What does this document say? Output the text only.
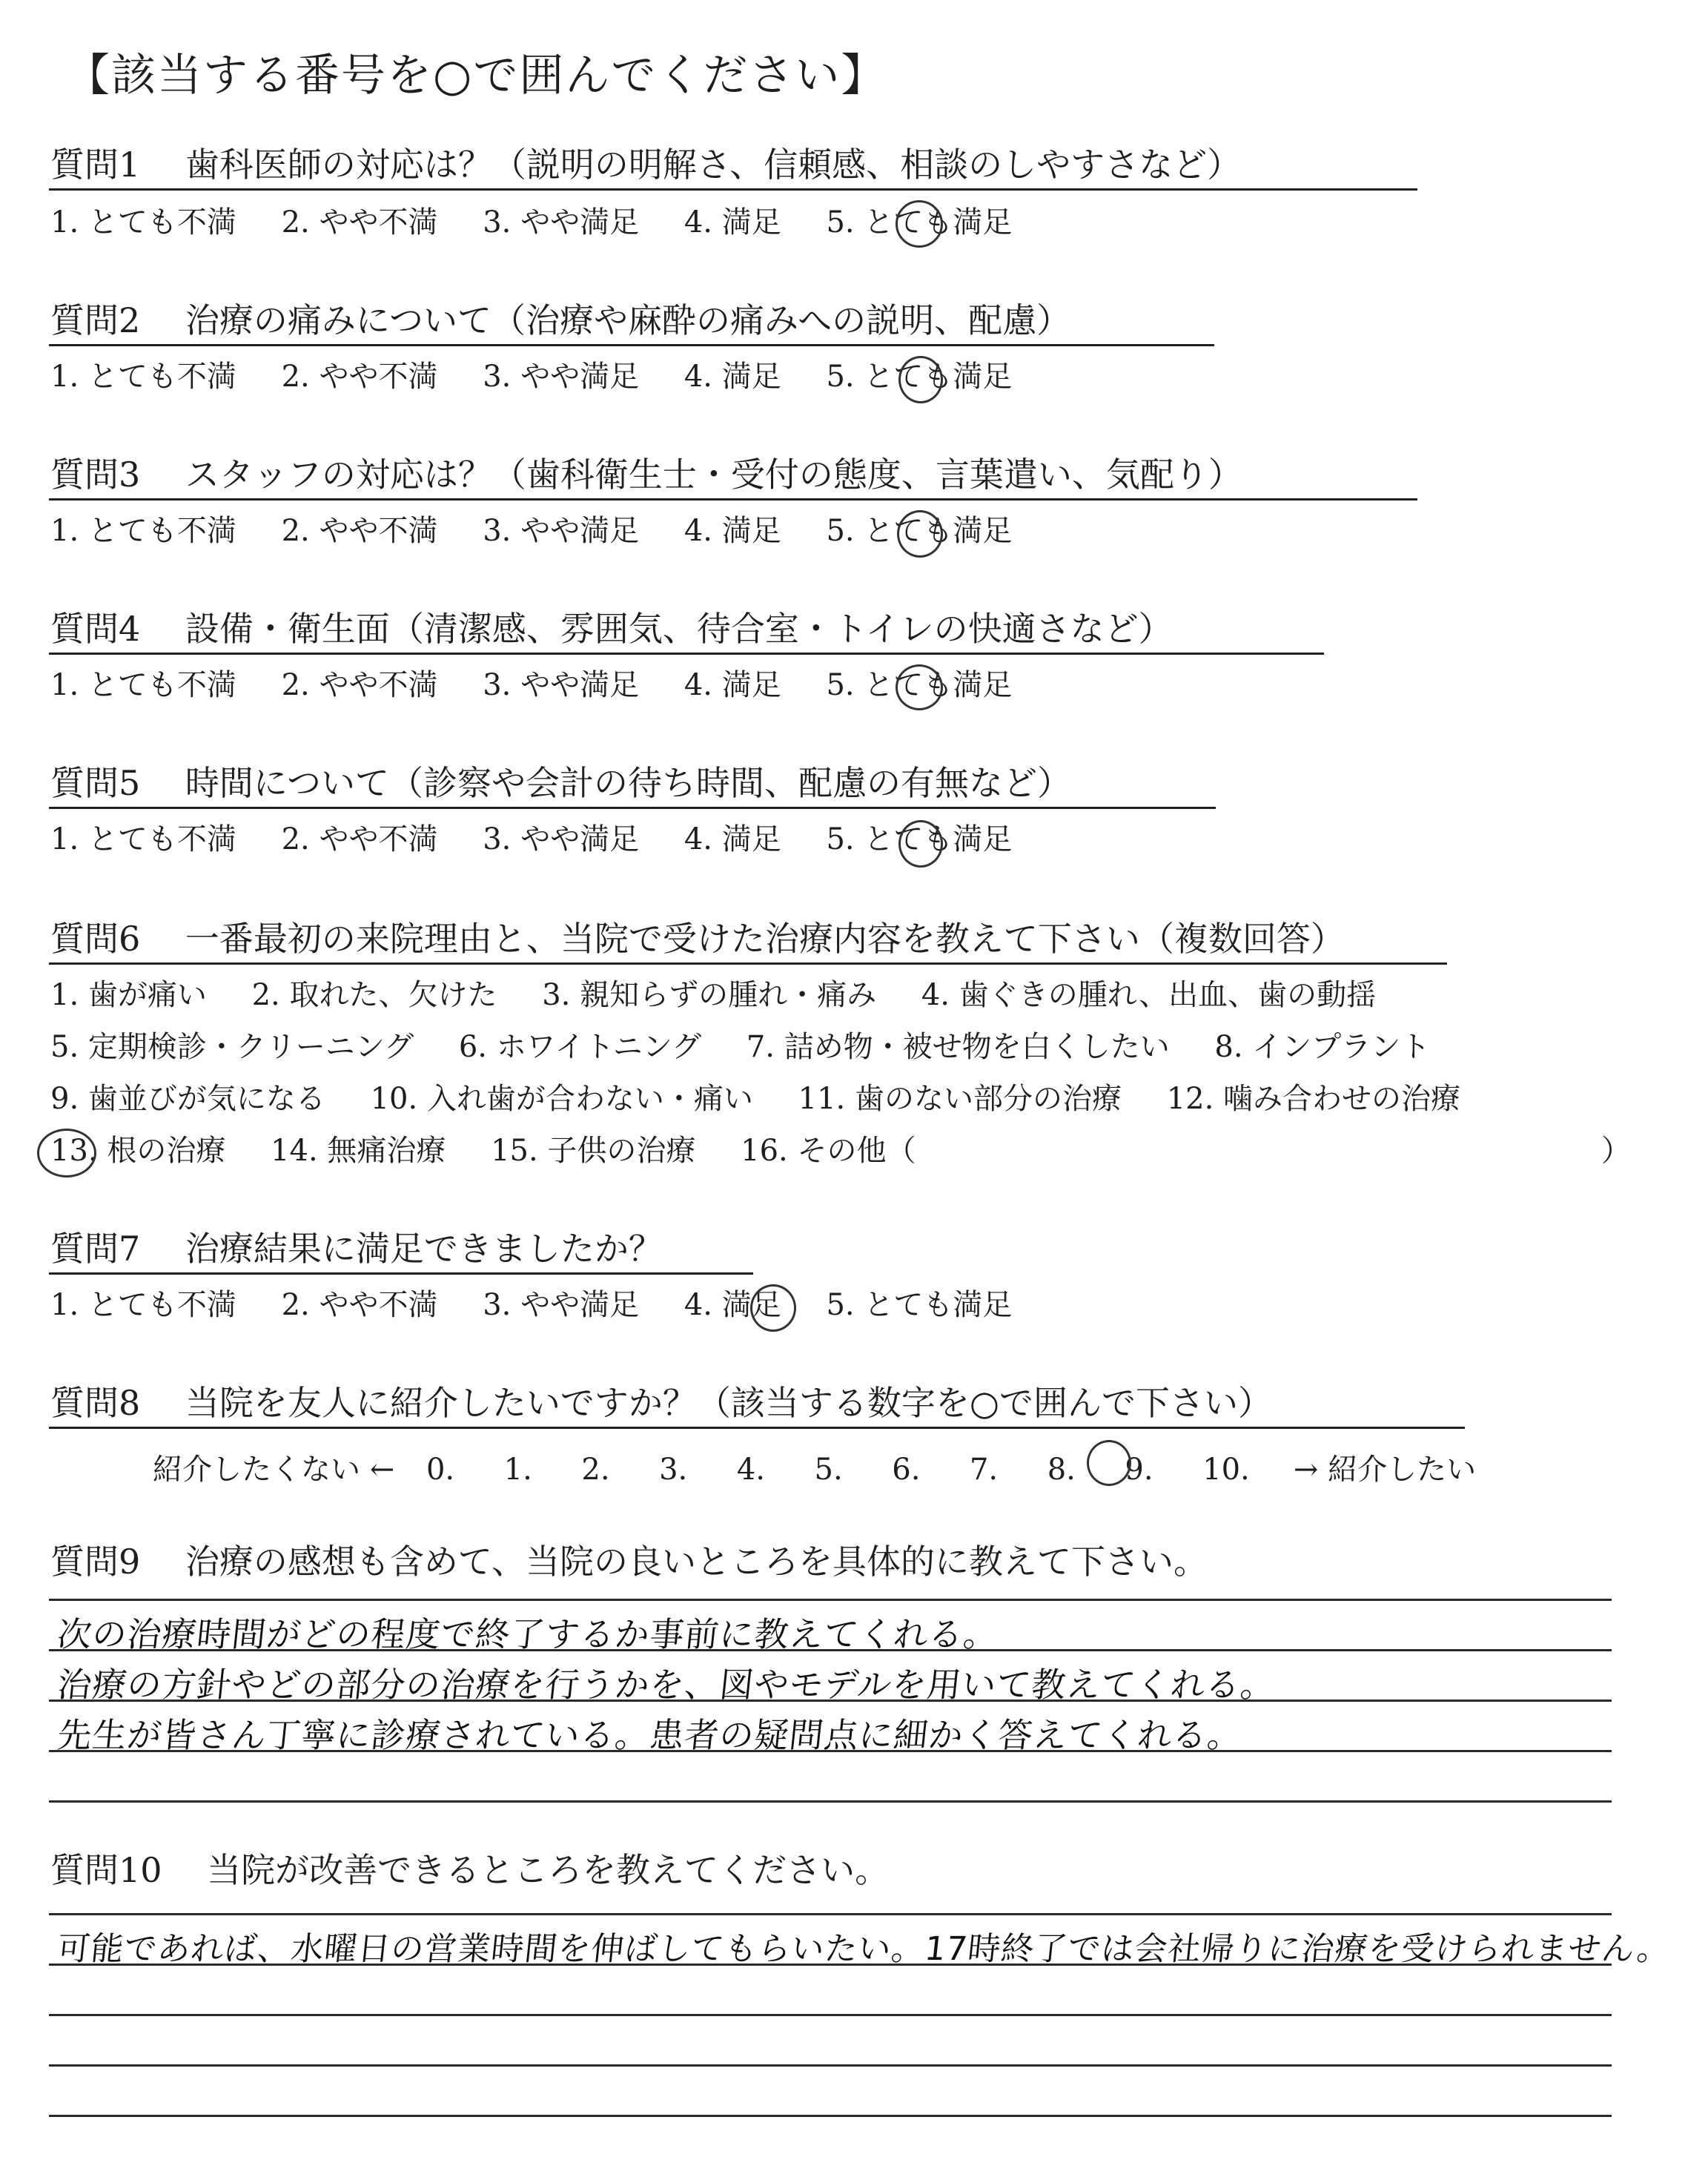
【該当する番号を○で囲んでください】
質問1　 歯科医師の対応は？（説明の明解さ、信頼感、相談のしやすさなど）
1. とても不満 2. やや不満 3. やや満足 4. 満足 5. とても満足
質問2　 治療の痛みについて（治療や麻酔の痛みへの説明、配慮）
1. とても不満 2. やや不満 3. やや満足 4. 満足 5. とても満足
質問3　 スタッフの対応は？（歯科衛生士・受付の態度、言葉遣い、気配り）
1. とても不満 2. やや不満 3. やや満足 4. 満足 5. とても満足
質問4　 設備・衛生面（清潔感、雰囲気、待合室・トイレの快適さなど）
1. とても不満 2. やや不満 3. やや満足 4. 満足 5. とても満足
質問5　 時間について（診察や会計の待ち時間、配慮の有無など）
1. とても不満 2. やや不満 3. やや満足 4. 満足 5. とても満足
質問6　 一番最初の来院理由と、当院で受けた治療内容を教えて下さい（複数回答）
1. 歯が痛い 2. 取れた、欠けた 3. 親知らずの腫れ・痛み 4. 歯ぐきの腫れ、出血、歯の動揺
5. 定期検診・クリーニング 6. ホワイトニング 7. 詰め物・被せ物を白くしたい 8. インプラント
9. 歯並びが気になる 10. 入れ歯が合わない・痛い 11. 歯のない部分の治療 12. 噛み合わせの治療
13. 根の治療 14. 無痛治療 15. 子供の治療 16. その他（	）
質問7　 治療結果に満足できましたか？
1. とても不満 2. やや不満 3. やや満足 4. 満足 5. とても満足
質問8　 当院を友人に紹介したいですか？（該当する数字を○で囲んで下さい）
紹介したくない ← 0. 1. 2. 3. 4. 5. 6. 7. 8. 9. 10. → 紹介したい
質問9　 治療の感想も含めて、当院の良いところを具体的に教えて下さい。
次の治療時間がどの程度で終了するか事前に教えてくれる。
治療の方針やどの部分の治療を行うかを、図やモデルを用いて教えてくれる。
先生が皆さん丁寧に診療されている。患者の疑問点に細かく答えてくれる。
質問10　 当院が改善できるところを教えてください。
可能であれば、水曜日の営業時間を伸ばしてもらいたい。17時終了では会社帰りに治療を受けられません。
